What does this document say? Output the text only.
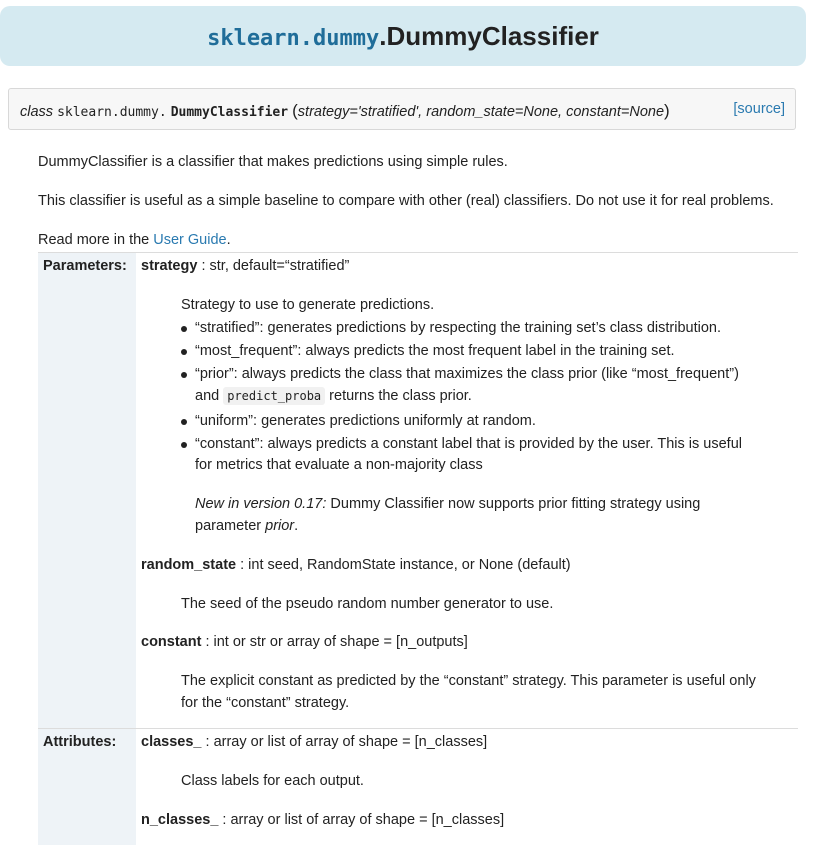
sklearn.dummy.DummyClassifier
class sklearn.dummy. DummyClassifier (strategy='stratified', random_state=None, constant=None)	[source]
DummyClassifier is a classifier that makes predictions using simple rules.
This classifier is useful as a simple baseline to compare with other (real) classifiers. Do not use it for real problems.
Read more in the User Guide.
Parameters: strategy : str, default=“stratified”
Strategy to use to generate predictions.
“stratified”: generates predictions by respecting the training set’s class distribution.
“most_frequent”: always predicts the most frequent label in the training set.
“prior”: always predicts the class that maximizes the class prior (like “most_frequent”)
and predict_proba returns the class prior.
“uniform”: generates predictions uniformly at random.
“constant”: always predicts a constant label that is provided by the user. This is useful
for metrics that evaluate a non-majority class
New in version 0.17: Dummy Classifier now supports prior fitting strategy using
parameter prior.
random_state : int seed, RandomState instance, or None (default)
The seed of the pseudo random number generator to use.
constant : int or str or array of shape = [n_outputs]
The explicit constant as predicted by the “constant” strategy. This parameter is useful only
for the “constant” strategy.
Attributes: classes_ : array or list of array of shape = [n_classes]
Class labels for each output.
n_classes_ : array or list of array of shape = [n_classes]
